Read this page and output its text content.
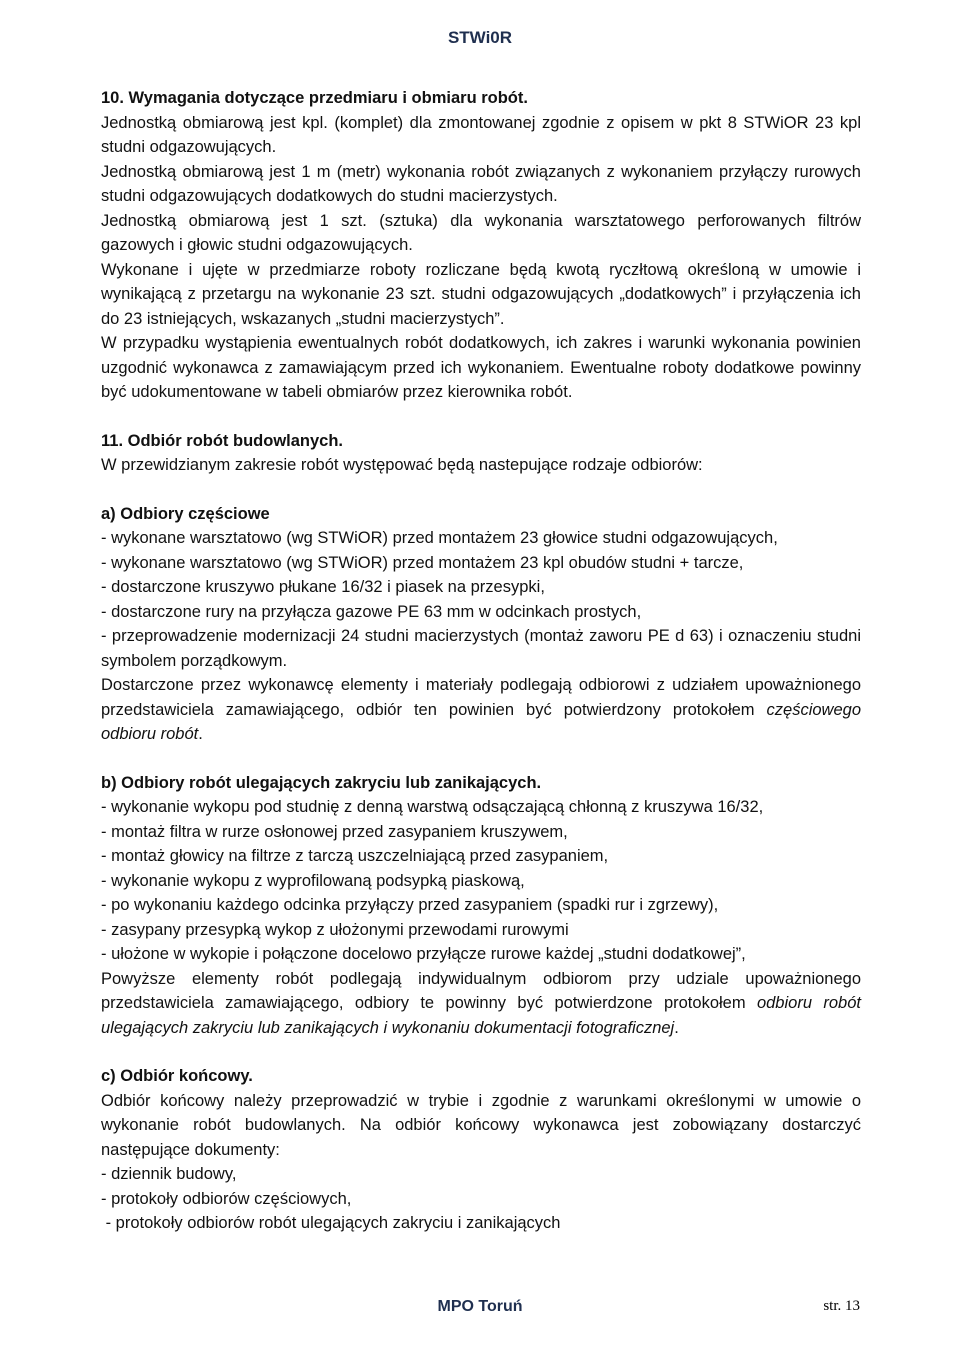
STWi0R

10. Wymagania dotyczące przedmiaru i obmiaru robót.

Jednostką obmiarową jest kpl. (komplet) dla zmontowanej zgodnie z opisem w pkt 8 STWiOR 23 kpl studni odgazowujących.

Jednostką obmiarową jest 1 m (metr) wykonania robót związanych z wykonaniem przyłączy rurowych studni odgazowujących dodatkowych do studni macierzystych.

Jednostką obmiarową jest 1 szt. (sztuka) dla wykonania warsztatowego perforowanych filtrów gazowych i głowic studni odgazowujących.

Wykonane i ujęte w przedmiarze roboty rozliczane będą kwotą ryczłtową określoną w umowie i wynikającą z przetargu na wykonanie 23 szt. studni odgazowujących „dodatkowych” i przyłączenia ich do 23 istniejących, wskazanych „studni macierzystych”.

W przypadku wystąpienia ewentualnych robót dodatkowych, ich zakres i warunki wykonania powinien uzgodnić wykonawca z zamawiającym przed ich wykonaniem. Ewentualne roboty dodatkowe powinny być udokumentowane w tabeli obmiarów przez kierownika robót.

11. Odbiór robót budowlanych.

W przewidzianym zakresie robót występować będą nastepujące rodzaje odbiorów:

a) Odbiory częściowe

- wykonane warsztatowo (wg STWiOR) przed montażem 23 głowice studni odgazowujących,

- wykonane warsztatowo (wg STWiOR) przed montażem 23 kpl obudów studni + tarcze,

- dostarczone kruszywo płukane 16/32 i piasek na przesypki,

- dostarczone rury na przyłącza gazowe PE 63 mm w odcinkach prostych,

- przeprowadzenie modernizacji 24 studni macierzystych (montaż zaworu PE d 63) i oznaczeniu studni symbolem porządkowym.

Dostarczone przez wykonawcę elementy i materiały podlegają odbiorowi z udziałem upoważnionego przedstawiciela zamawiającego, odbiór ten powinien być potwierdzony protokołem częściowego odbioru robót.

b) Odbiory robót ulegających zakryciu lub zanikających.

- wykonanie wykopu pod studnię z denną warstwą odsączającą chłonną z kruszywa 16/32,

- montaż filtra w rurze osłonowej przed zasypaniem kruszywem,

- montaż głowicy na filtrze z tarczą uszczelniającą przed zasypaniem,

- wykonanie wykopu z wyprofilowaną podsypką piaskową,

- po wykonaniu każdego odcinka przyłączy przed zasypaniem (spadki rur i zgrzewy),

- zasypany przesypką wykop z ułożonymi przewodami rurowymi

- ułożone w wykopie i połączone docelowo przyłącze rurowe każdej „studni dodatkowej”,

Powyższe elementy robót podlegają indywidualnym odbiorom przy udziale upoważnionego przedstawiciela zamawiającego, odbiory te powinny być potwierdzone protokołem odbioru robót ulegających zakryciu lub zanikających i wykonaniu dokumentacji fotograficznej.

c) Odbiór końcowy.

Odbiór końcowy należy przeprowadzić w trybie i zgodnie z warunkami określonymi w umowie o wykonanie robót budowlanych. Na odbiór końcowy wykonawca jest zobowiązany dostarczyć następujące dokumenty:

- dziennik budowy,

- protokoły odbiorów częściowych,

- protokoły odbiorów robót ulegających zakryciu i zanikających

MPO Toruń	str. 13
